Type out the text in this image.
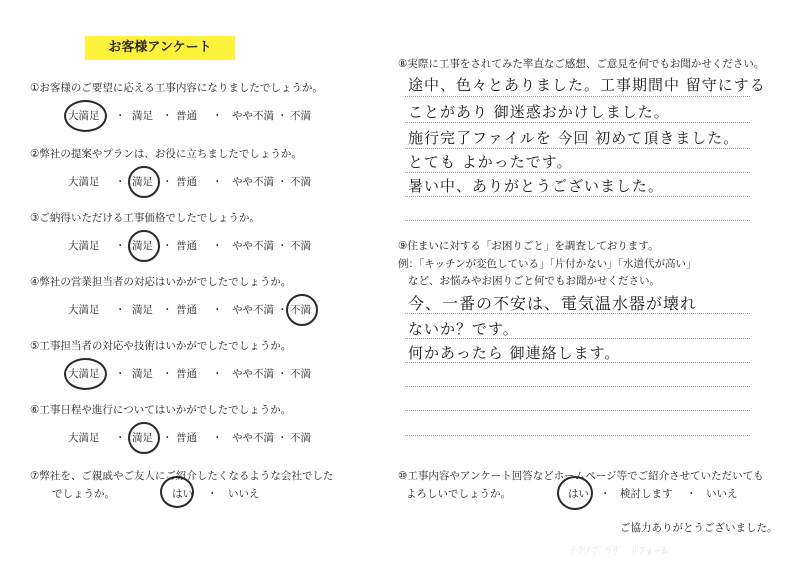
お客様アンケート
①お客様のご要望に応える工事内容になりましたでしょうか。
大満足 ・ 満足 ・ 普通 ・ やや不満 ・ 不満
②弊社の提案やプランは、お役に立ちましたでしょうか。
大満足 ・ 満足 ・ 普通 ・ やや不満 ・ 不満
③ご納得いただける工事価格でしたでしょうか。
大満足 ・ 満足 ・ 普通 ・ やや不満 ・ 不満
④弊社の営業担当者の対応はいかがでしたでしょうか。
大満足 ・ 満足 ・ 普通 ・ やや不満 ・ 不満
⑤工事担当者の対応や技術はいかがでしたでしょうか。
大満足 ・ 満足 ・ 普通 ・ やや不満 ・ 不満
⑥工事日程や進行についてはいかがでしたでしょうか。
大満足 ・ 満足 ・ 普通 ・ やや不満 ・ 不満
⑦弊社を、ご親戚やご友人にご紹介したくなるような会社でした
でしょうか。	はい ・ いいえ
⑧実際に工事をされてみた率直なご感想、ご意見を何でもお聞かせください。
途中、色々とありました。工事期間中 留守にする
ことがあり 御迷惑おかけしました。
施行完了ファイルを 今回 初めて頂きました。
とても よかったです。
暑い中、ありがとうございました。
⑨住まいに対する「お困りごと」を調査しております。
例：「キッチンが変色している」「片付かない」「水道代が高い」
など、お悩みやお困りごと何でもお聞かせください。
今、一番の不安は、電気温水器が壊れ
ないか？です。
何かあったら 御連絡します。
⑩工事内容やアンケート回答などホームページ等でご紹介させていただいても
よろしいでしょうか。	はい ・ 検討します ・ いいえ
ご協力ありがとうございました。
ﾃｸﾉﾌﾟﾗｻﾞ ﾘﾌｫｰﾑ
